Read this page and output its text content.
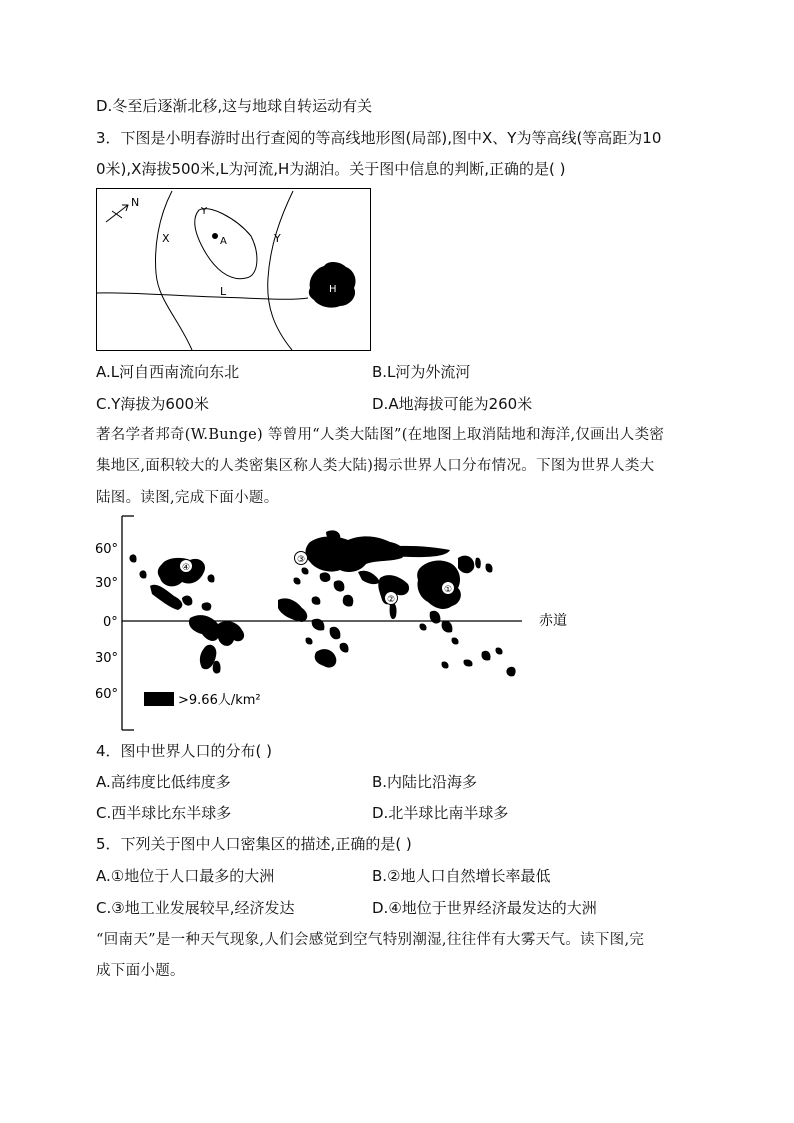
D.冬至后逐渐北移,这与地球自转运动有关
3．下图是小明春游时出行查阅的等高线地形图(局部),图中X、Y为等高线(等高距为10
0米),X海拔500米,L为河流,H为湖泊。关于图中信息的判断,正确的是( )
N
X
Y
A	Y
L	H
A.L河自西南流向东北	B.L河为外流河
C.Y海拔为600米	D.A地海拔可能为260米
著名学者邦奇(W.Bunge) 等曾用“人类大陆图”(在地图上取消陆地和海洋,仅画出人类密
集地区,面积较大的人类密集区称人类大陆)揭示世界人口分布情况。下图为世界人类大
陆图。读图,完成下面小题。
赤道
60°
30°
0°
30°
60°
①
②
③
④
>9.66人/km²
4．图中世界人口的分布( )
A.高纬度比低纬度多	B.内陆比沿海多
C.西半球比东半球多	D.北半球比南半球多
5．下列关于图中人口密集区的描述,正确的是( )
A.①地位于人口最多的大洲	B.②地人口自然增长率最低
C.③地工业发展较早,经济发达	D.④地位于世界经济最发达的大洲
“回南天”是一种天气现象,人们会感觉到空气特别潮湿,往往伴有大雾天气。读下图,完
成下面小题。
